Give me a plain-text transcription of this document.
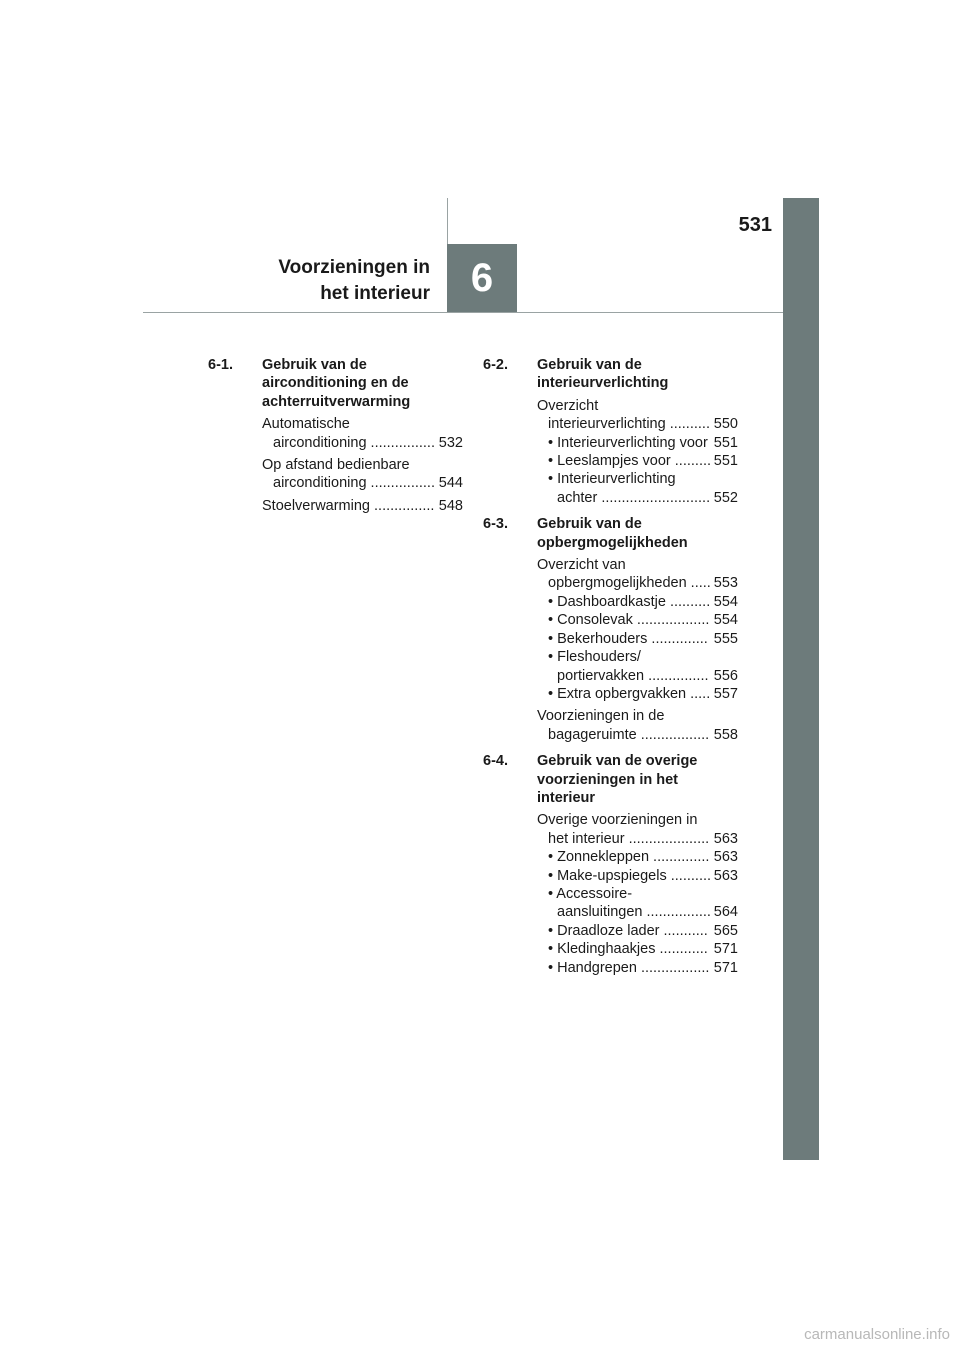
531
6
Voorzieningen in
het interieur
6-1.	Gebruik van de airconditioning en de achterruitverwarming
Automatische airconditioning ................ 532
Op afstand bedienbare airconditioning ................ 544
Stoelverwarming ............... 548
6-2.	Gebruik van de interieurverlichting
Overzicht interieurverlichting .......... 550
• Interieurverlichting voor 551
• Leeslampjes voor ......... 551
• Interieurverlichting achter ........................... 552
6-3.	Gebruik van de opbergmogelijkheden
Overzicht van opbergmogelijkheden ..... 553
• Dashboardkastje .......... 554
• Consolevak .................. 554
• Bekerhouders .............. 555
• Fleshouders/ portiervakken ............... 556
• Extra opbergvakken ..... 557
Voorzieningen in de bagageruimte ................. 558
6-4.	Gebruik van de overige voorzieningen in het interieur
Overige voorzieningen in het interieur .................... 563
• Zonnekleppen .............. 563
• Make-upspiegels .......... 563
• Accessoire- aansluitingen ................ 564
• Draadloze lader ........... 565
• Kledinghaakjes ............ 571
• Handgrepen ................. 571
carmanualsonline.info
